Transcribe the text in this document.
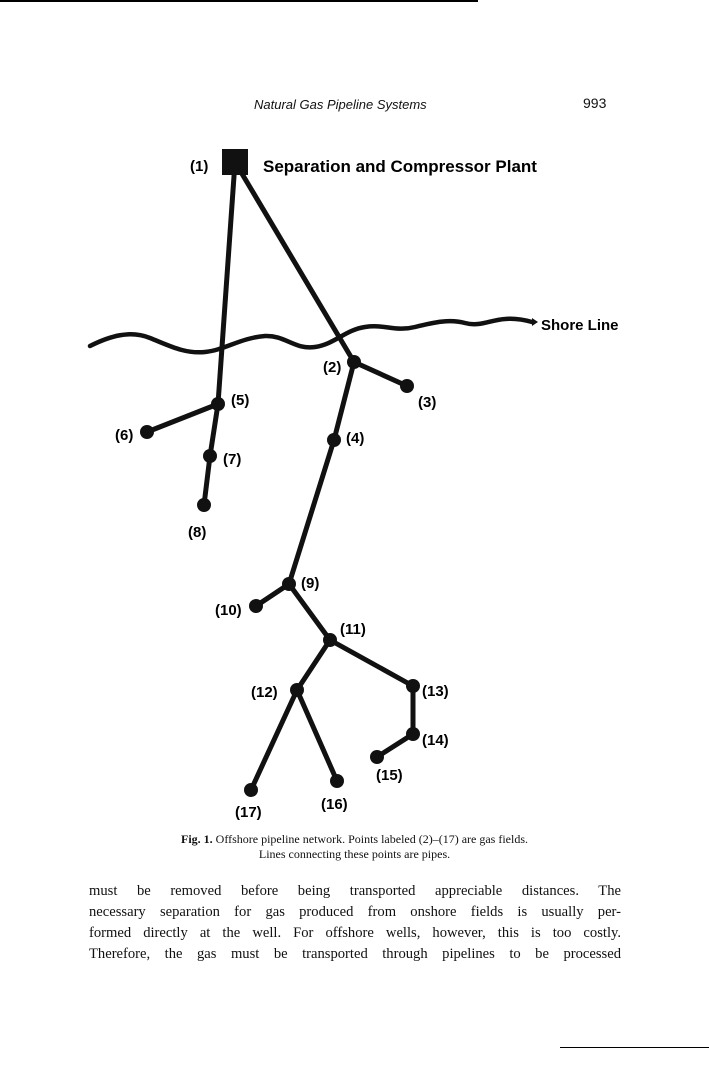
Natural Gas Pipeline Systems	993
Shore Line
(1)	Separation and Compressor Plant
(2)
(3)
(4)
(5)
(6)
(7)
(8)
(9)
(10)
(11)
(12)	(13)
(14)
(15)
(16)
(17)
Fig. 1. Offshore pipeline network. Points labeled (2)–(17) are gas fields.
Lines connecting these points are pipes.
must be removed before being transported appreciable distances. The
necessary separation for gas produced from onshore fields is usually per-
formed directly at the well. For offshore wells, however, this is too costly.
Therefore, the gas must be transported through pipelines to be processed
